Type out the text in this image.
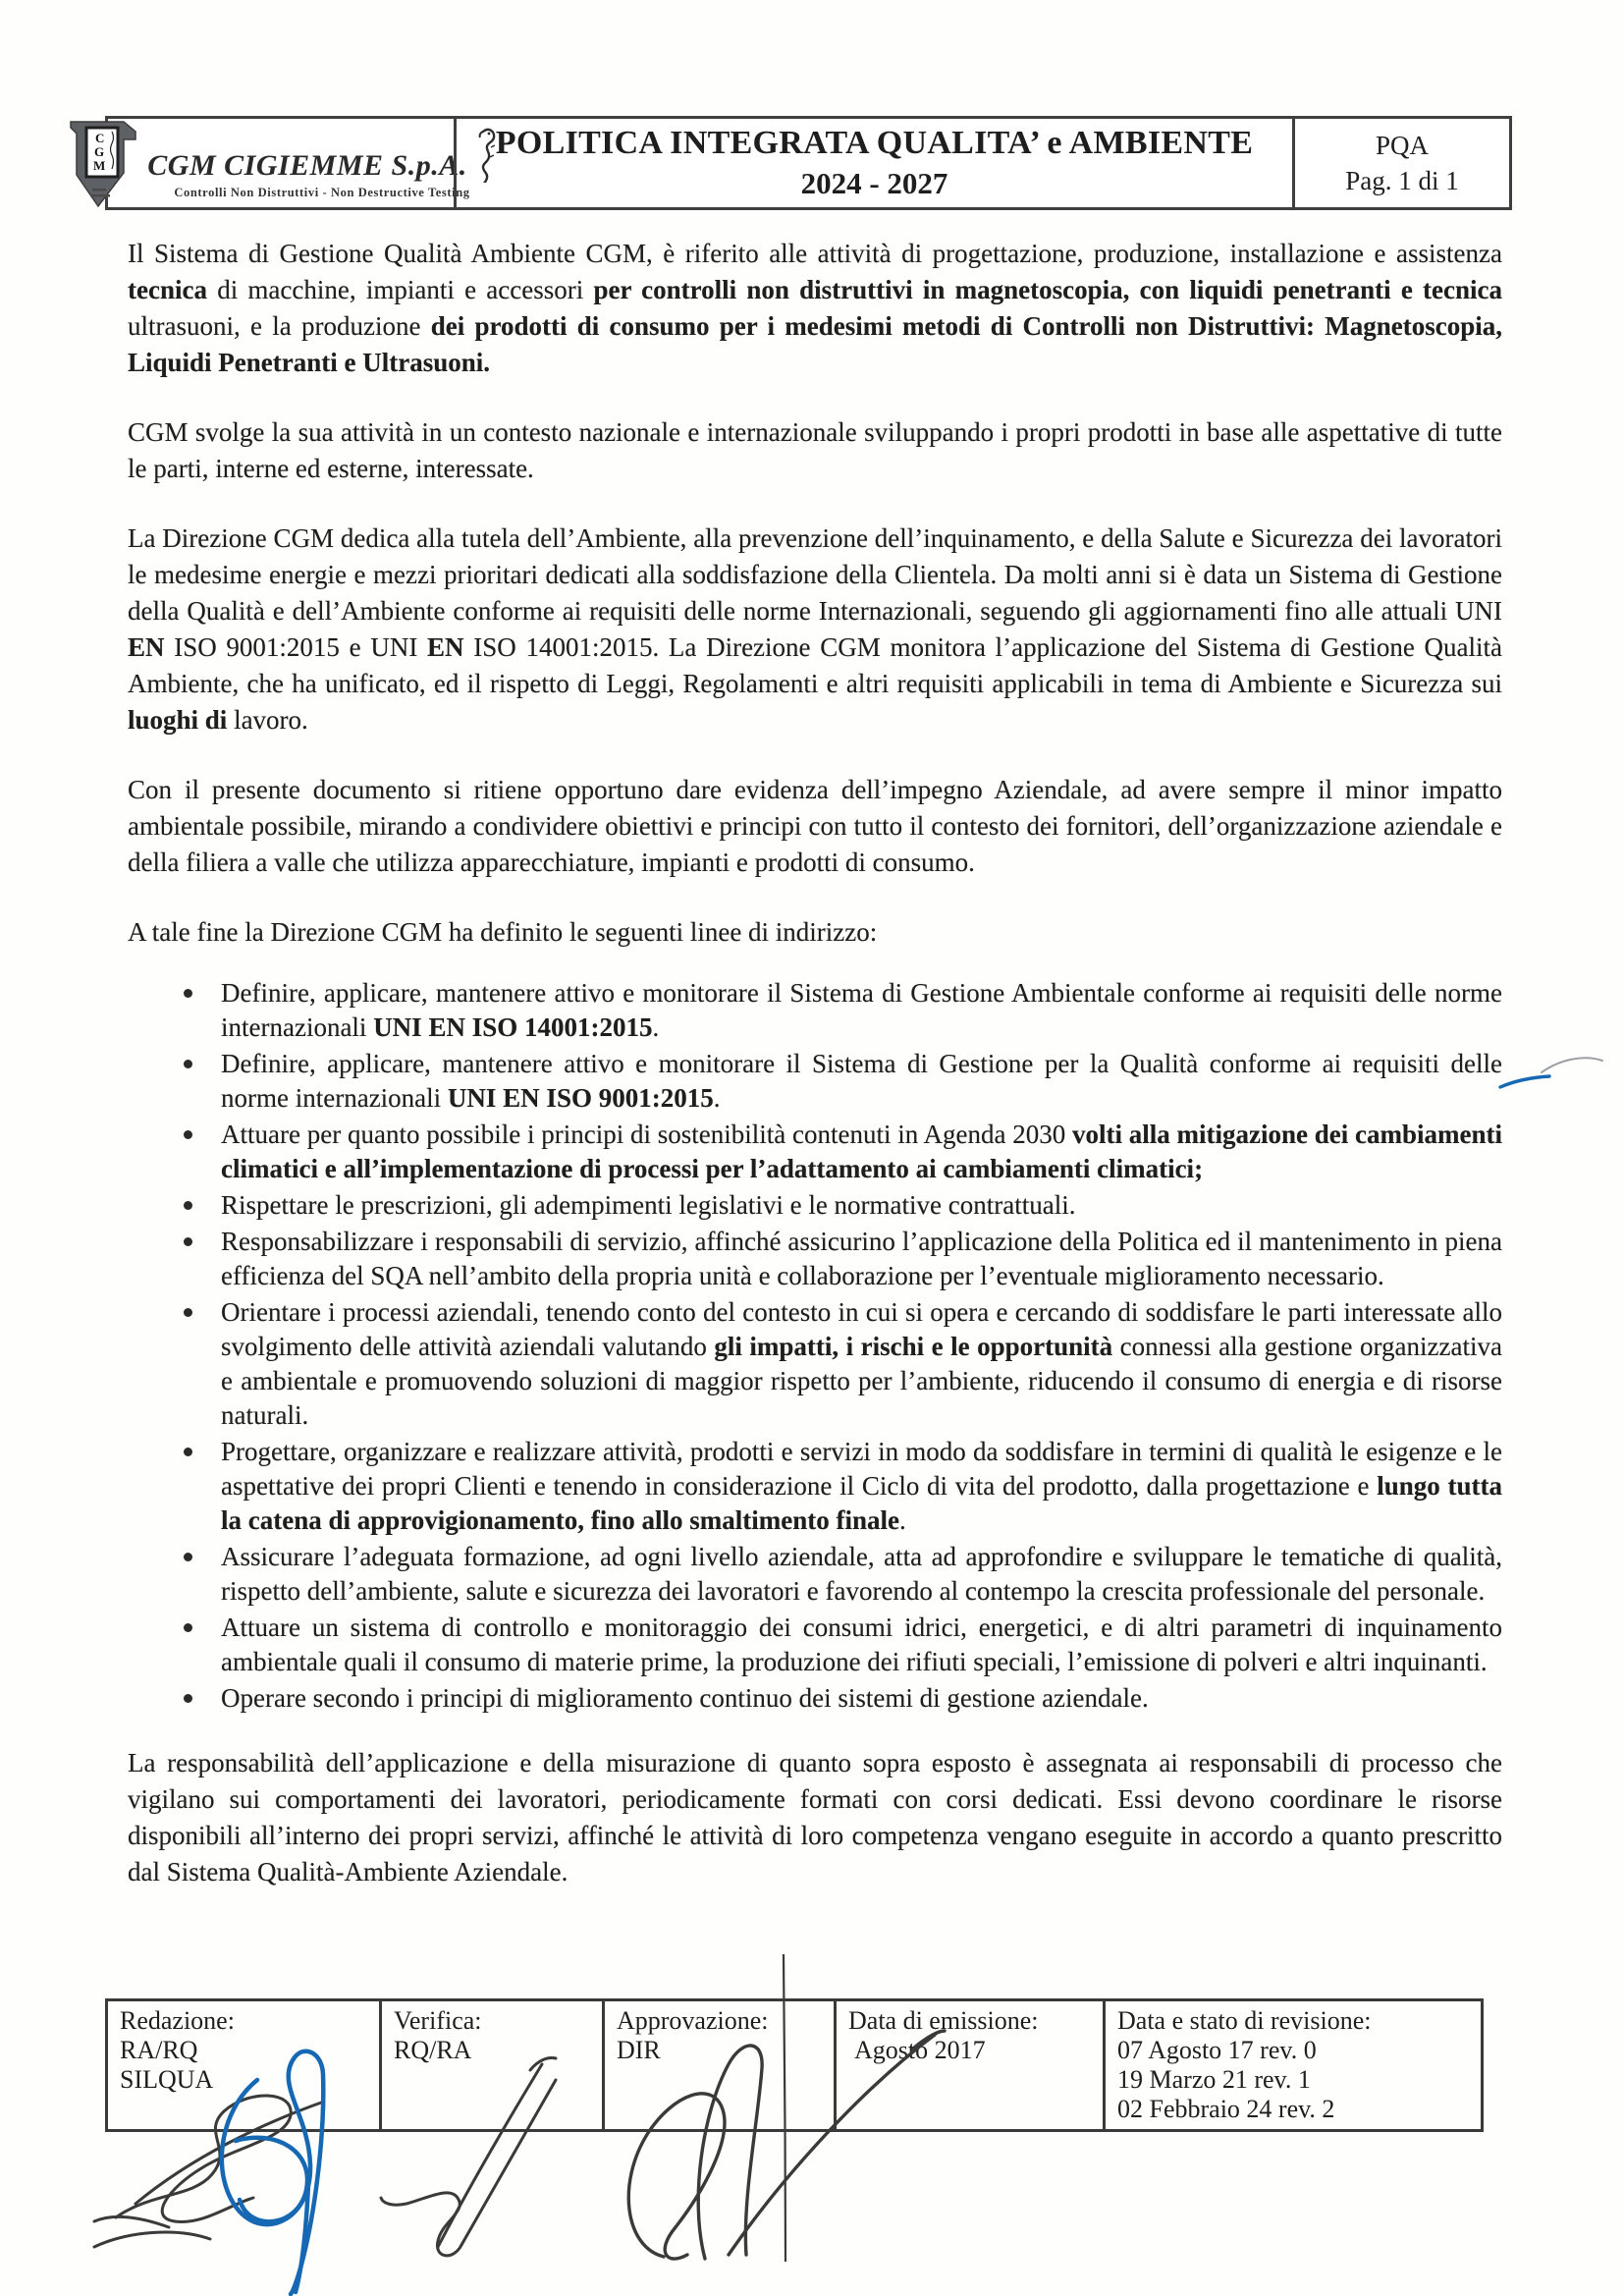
C
G
M CGM CIGIEMME S.p.A.
Controlli Non Distruttivi - Non Destructive Testing
POLITICA INTEGRATA QUALITA’ e AMBIENTE
2024 - 2027
PQA
Pag. 1 di 1

Il Sistema di Gestione Qualità Ambiente CGM, è riferito alle attività di progettazione, produzione, installazione e assistenza tecnica di macchine, impianti e accessori per controlli non distruttivi in magnetoscopia, con liquidi penetranti e tecnica ultrasuoni, e la produzione dei prodotti di consumo per i medesimi metodi di Controlli non Distruttivi: Magnetoscopia, Liquidi Penetranti e Ultrasuoni.

CGM svolge la sua attività in un contesto nazionale e internazionale sviluppando i propri prodotti in base alle aspettative di tutte le parti, interne ed esterne, interessate.

La Direzione CGM dedica alla tutela dell’Ambiente, alla prevenzione dell’inquinamento, e della Salute e Sicurezza dei lavoratori le medesime energie e mezzi prioritari dedicati alla soddisfazione della Clientela. Da molti anni si è data un Sistema di Gestione della Qualità e dell’Ambiente conforme ai requisiti delle norme Internazionali, seguendo gli aggiornamenti fino alle attuali UNI EN ISO 9001:2015 e UNI EN ISO 14001:2015. La Direzione CGM monitora l’applicazione del Sistema di Gestione Qualità Ambiente, che ha unificato, ed il rispetto di Leggi, Regolamenti e altri requisiti applicabili in tema di Ambiente e Sicurezza sui luoghi di lavoro.

Con il presente documento si ritiene opportuno dare evidenza dell’impegno Aziendale, ad avere sempre il minor impatto ambientale possibile, mirando a condividere obiettivi e principi con tutto il contesto dei fornitori, dell’organizzazione aziendale e della filiera a valle che utilizza apparecchiature, impianti e prodotti di consumo.

A tale fine la Direzione CGM ha definito le seguenti linee di indirizzo:

Definire, applicare, mantenere attivo e monitorare il Sistema di Gestione Ambientale conforme ai requisiti delle norme internazionali UNI EN ISO 14001:2015.
Definire, applicare, mantenere attivo e monitorare il Sistema di Gestione per la Qualità conforme ai requisiti delle norme internazionali UNI EN ISO 9001:2015.
Attuare per quanto possibile i principi di sostenibilità contenuti in Agenda 2030 volti alla mitigazione dei cambiamenti climatici e all’implementazione di processi per l’adattamento ai cambiamenti climatici;
Rispettare le prescrizioni, gli adempimenti legislativi e le normative contrattuali.
Responsabilizzare i responsabili di servizio, affinché assicurino l’applicazione della Politica ed il mantenimento in piena efficienza del SQA nell’ambito della propria unità e collaborazione per l’eventuale miglioramento necessario.
Orientare i processi aziendali, tenendo conto del contesto in cui si opera e cercando di soddisfare le parti interessate allo svolgimento delle attività aziendali valutando gli impatti, i rischi e le opportunità connessi alla gestione organizzativa e ambientale e promuovendo soluzioni di maggior rispetto per l’ambiente, riducendo il consumo di energia e di risorse naturali.
Progettare, organizzare e realizzare attività, prodotti e servizi in modo da soddisfare in termini di qualità le esigenze e le aspettative dei propri Clienti e tenendo in considerazione il Ciclo di vita del prodotto, dalla progettazione e lungo tutta la catena di approvigionamento, fino allo smaltimento finale.
Assicurare l’adeguata formazione, ad ogni livello aziendale, atta ad approfondire e sviluppare le tematiche di qualità, rispetto dell’ambiente, salute e sicurezza dei lavoratori e favorendo al contempo la crescita professionale del personale.
Attuare un sistema di controllo e monitoraggio dei consumi idrici, energetici, e di altri parametri di inquinamento ambientale quali il consumo di materie prime, la produzione dei rifiuti speciali, l’emissione di polveri e altri inquinanti.
Operare secondo i principi di miglioramento continuo dei sistemi di gestione aziendale.

La responsabilità dell’applicazione e della misurazione di quanto sopra esposto è assegnata ai responsabili di processo che vigilano sui comportamenti dei lavoratori, periodicamente formati con corsi dedicati. Essi devono coordinare le risorse disponibili all’interno dei propri servizi, affinché le attività di loro competenza vengano eseguite in accordo a quanto prescritto dal Sistema Qualità-Ambiente Aziendale.

Redazione:
RA/RQ
SILQUA
Verifica:
RQ/RA
Approvazione:
DIR
Data di emissione:
Agosto 2017
Data e stato di revisione:
07 Agosto 17 rev. 0
19 Marzo 21 rev. 1
02 Febbraio 24 rev. 2
